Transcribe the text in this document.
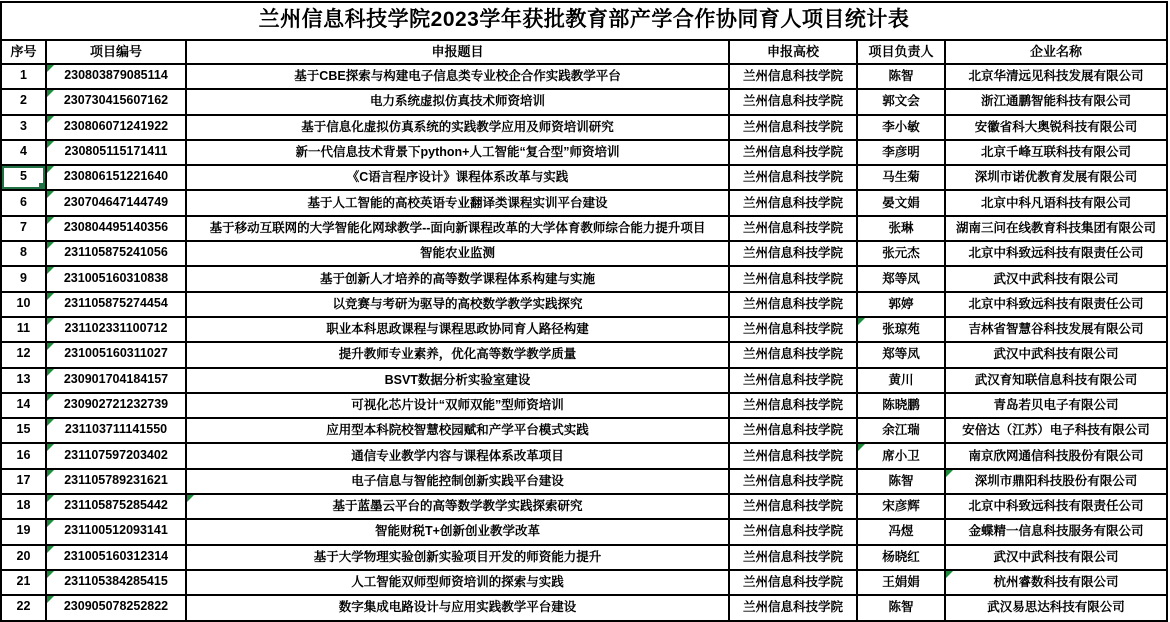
兰州信息科技学院2023学年获批教育部产学合作协同育人项目统计表					
序号	项目编号	申报题目	申报高校	项目负责人	企业名称
1	230803879085114	基于CBE探索与构建电子信息类专业校企合作实践教学平台	兰州信息科技学院	陈智	北京华清远见科技发展有限公司
2	230730415607162	电力系统虚拟仿真技术师资培训	兰州信息科技学院	郭文会	浙江通鹏智能科技有限公司
3	230806071241922	基于信息化虚拟仿真系统的实践教学应用及师资培训研究	兰州信息科技学院	李小敏	安徽省科大奥锐科技有限公司
4	230805115171411	新一代信息技术背景下python+人工智能“复合型”师资培训	兰州信息科技学院	李彦明	北京千峰互联科技有限公司

5	230806151221640	《C语言程序设计》课程体系改革与实践	兰州信息科技学院	马生菊	深圳市诺优教育发展有限公司
6	230704647144749	基于人工智能的高校英语专业翻译类课程实训平台建设	兰州信息科技学院	晏文娟	北京中科凡语科技有限公司
7	230804495140356	基于移动互联网的大学智能化网球教学--面向新课程改革的大学体育教师综合能力提升项目	兰州信息科技学院	张琳	湖南三问在线教育科技集团有限公司
8	231105875241056	智能农业监测	兰州信息科技学院	张元杰	北京中科致远科技有限责任公司
9	231005160310838	基于创新人才培养的高等数学课程体系构建与实施	兰州信息科技学院	郑等凤	武汉中武科技有限公司
10	231105875274454	以竞赛与考研为驱导的高校数学教学实践探究	兰州信息科技学院	郭婷	北京中科致远科技有限责任公司
11	231102331100712	职业本科思政课程与课程思政协同育人路径构建	兰州信息科技学院	张琼苑	吉林省智慧谷科技发展有限公司
12	231005160311027	提升教师专业素养，优化高等数学教学质量	兰州信息科技学院	郑等凤	武汉中武科技有限公司
13	230901704184157	BSVT数据分析实验室建设	兰州信息科技学院	黄川	武汉育知联信息科技有限公司
14	230902721232739	可视化芯片设计“双师双能”型师资培训	兰州信息科技学院	陈晓鹏	青岛若贝电子有限公司
15	231103711141550	应用型本科院校智慧校园赋和产学平台模式实践	兰州信息科技学院	余江瑞	安倍达（江苏）电子科技有限公司
16	231107597203402	通信专业教学内容与课程体系改革项目	兰州信息科技学院	席小卫	南京欣网通信科技股份有限公司
17	231105789231621	电子信息与智能控制创新实践平台建设	兰州信息科技学院	陈智	深圳市鼎阳科技股份有限公司
18	231105875285442	基于蓝墨云平台的高等数学教学实践探索研究	兰州信息科技学院	宋彦辉	北京中科致远科技有限责任公司
19	231100512093141	智能财税T+创新创业教学改革	兰州信息科技学院	冯煜	金蝶精一信息科技服务有限公司
20	231005160312314	基于大学物理实验创新实验项目开发的师资能力提升	兰州信息科技学院	杨晓红	武汉中武科技有限公司
21	231105384285415	人工智能双师型师资培训的探索与实践	兰州信息科技学院	王娟娟	杭州睿数科技有限公司
22	230905078252822	数字集成电路设计与应用实践教学平台建设	兰州信息科技学院	陈智	武汉易思达科技有限公司
